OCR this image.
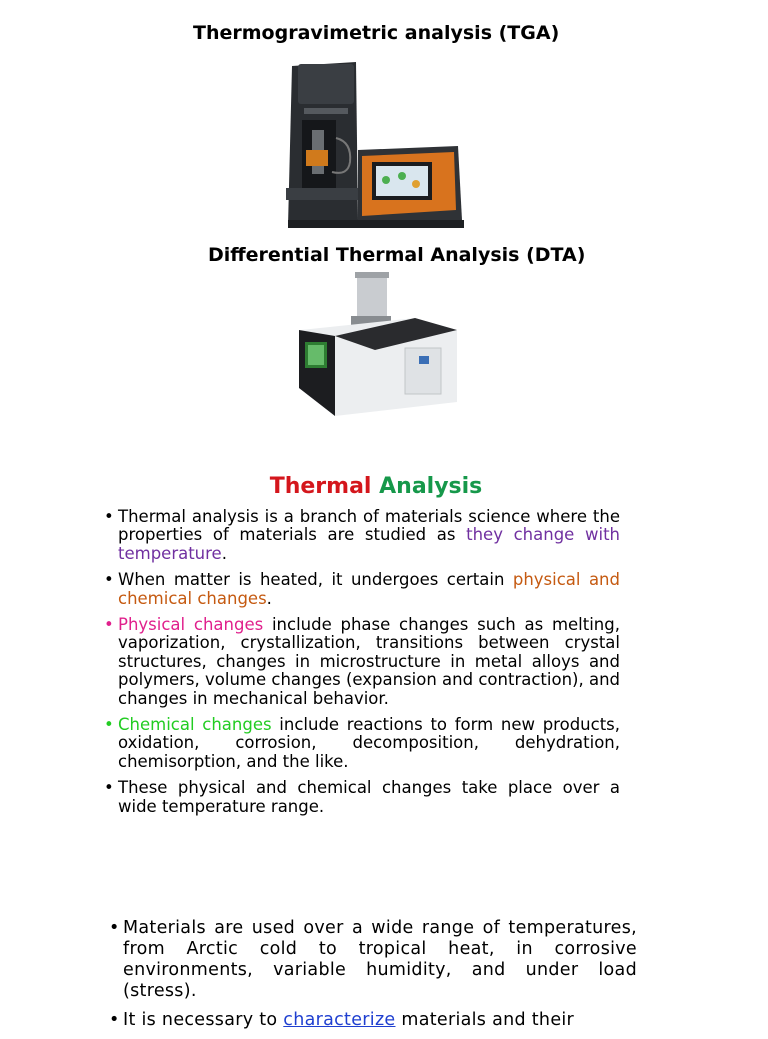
Thermogravimetric analysis (TGA)
Differential Thermal Analysis (DTA)
Thermal Analysis
• Thermal analysis is a branch of materials science where the properties of materials are studied as they change with temperature.
• When matter is heated, it undergoes certain physical and chemical changes.
• Physical changes include phase changes such as melting, vaporization, crystallization, transitions between crystal structures, changes in microstructure in metal alloys and polymers, volume changes (expansion and contraction), and changes in mechanical behavior.
• Chemical changes include reactions to form new products, oxidation, corrosion, decomposition, dehydration, chemisorption, and the like.
• These physical and chemical changes take place over a wide temperature range.
• Materials are used over a wide range of temperatures, from Arctic cold to tropical heat, in corrosive environments, variable humidity, and under load (stress).
• It is necessary to characterize materials and their
